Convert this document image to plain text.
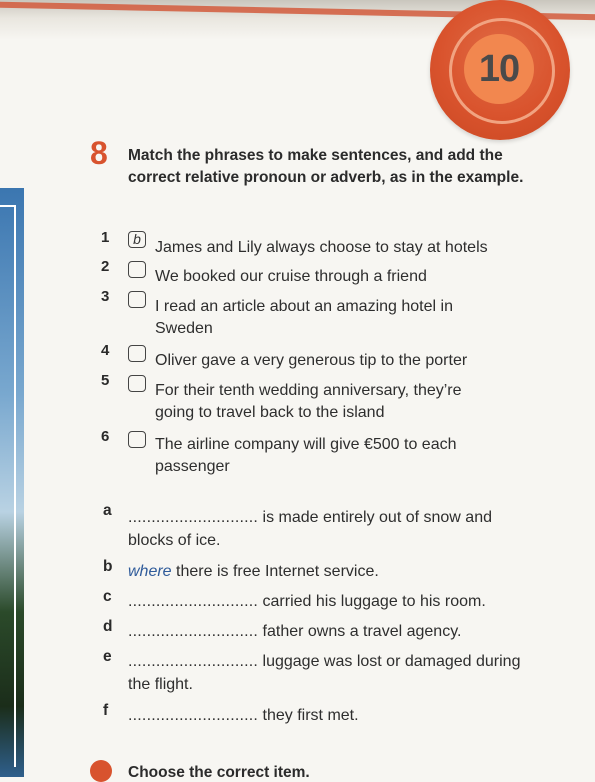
10
8 Match the phrases to make sentences, and add the correct relative pronoun or adverb, as in the example.
1	b James and Lily always choose to stay at hotels
2
We booked our cruise through a friend
3
I read an article about an amazing hotel in Sweden
4
Oliver gave a very generous tip to the porter
5
For their tenth wedding anniversary, they’re going to travel back to the island
6	The airline company will give €500 to each passenger
a ............................ is made entirely out of snow and blocks of ice.
b where there is free Internet service.
c ............................ carried his luggage to his room.
d ............................ father owns a travel agency.
e ............................ luggage was lost or damaged during the flight.
f ............................ they first met.
Choose the correct item.
